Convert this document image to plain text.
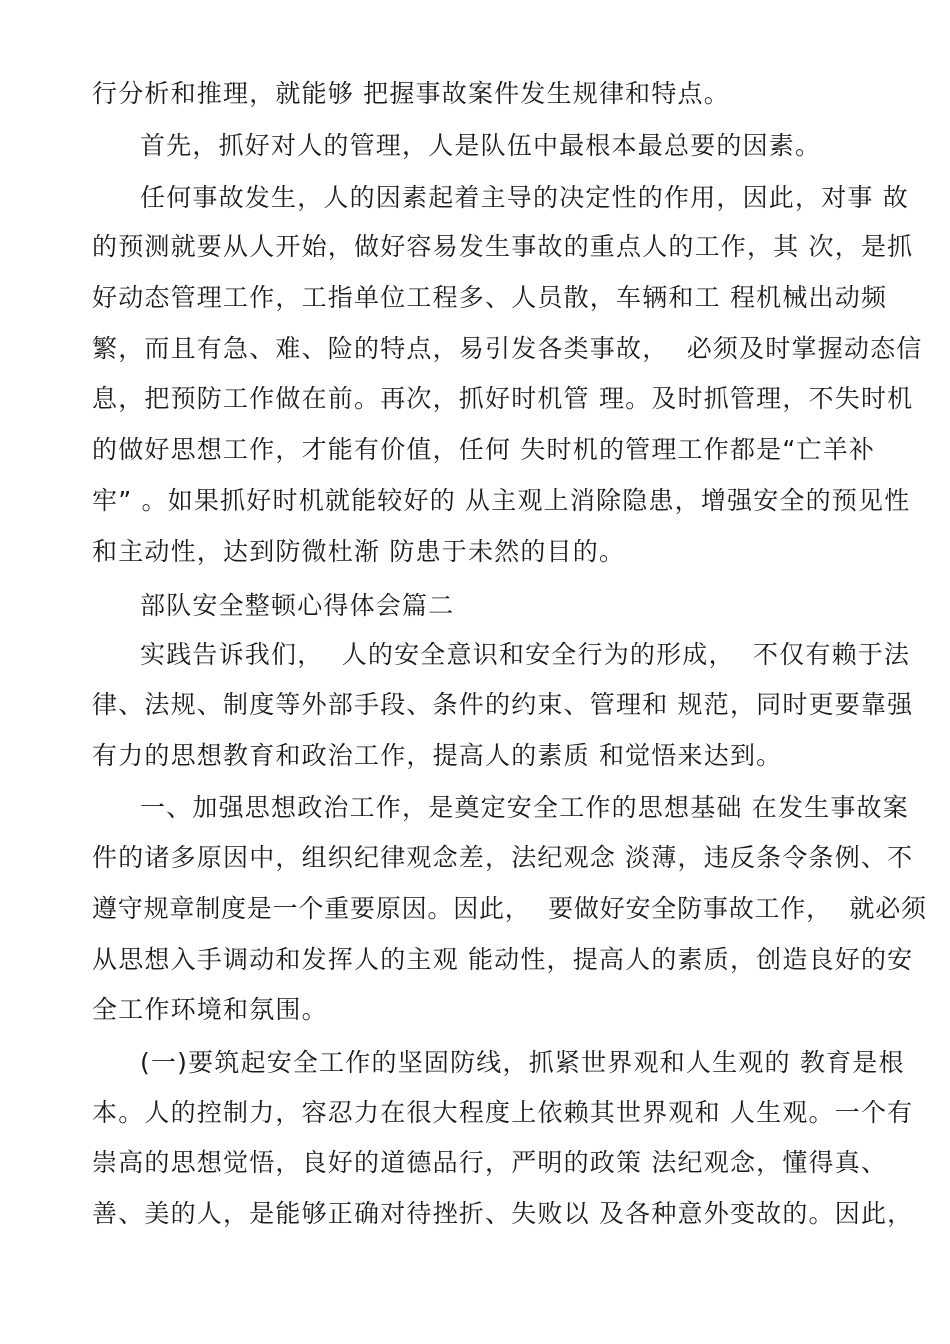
行分析和推理，就能够 把握事故案件发生规律和特点。
首先，抓好对人的管理，人是队伍中最根本最总要的因素。
任何事故发生，人的因素起着主导的决定性的作用，因此，对事 故
的预测就要从人开始，做好容易发生事故的重点人的工作，其 次，是抓
好动态管理工作，工指单位工程多、人员散，车辆和工 程机械出动频
繁，而且有急、难、险的特点，易引发各类事故，  必须及时掌握动态信
息，把预防工作做在前。再次，抓好时机管 理。及时抓管理，不失时机
的做好思想工作，才能有价值，任何 失时机的管理工作都是“亡羊补
牢” 。如果抓好时机就能较好的 从主观上消除隐患，增强安全的预见性
和主动性，达到防微杜渐 防患于未然的目的。
部队安全整顿心得体会篇二
实践告诉我们，  人的安全意识和安全行为的形成，  不仅有赖于法
律、法规、制度等外部手段、条件的约束、管理和 规范，同时更要靠强
有力的思想教育和政治工作，提高人的素质 和觉悟来达到。
一、加强思想政治工作，是奠定安全工作的思想基础 在发生事故案
件的诸多原因中，组织纪律观念差，法纪观念 淡薄，违反条令条例、不
遵守规章制度是一个重要原因。因此，  要做好安全防事故工作，  就必须
从思想入手调动和发挥人的主观 能动性，提高人的素质，创造良好的安
全工作环境和氛围。
(一)要筑起安全工作的坚固防线，抓紧世界观和人生观的 教育是根
本。人的控制力，容忍力在很大程度上依赖其世界观和 人生观。一个有
崇高的思想觉悟，良好的道德品行，严明的政策 法纪观念，懂得真、
善、美的人，是能够正确对待挫折、失败以 及各种意外变故的。因此，
